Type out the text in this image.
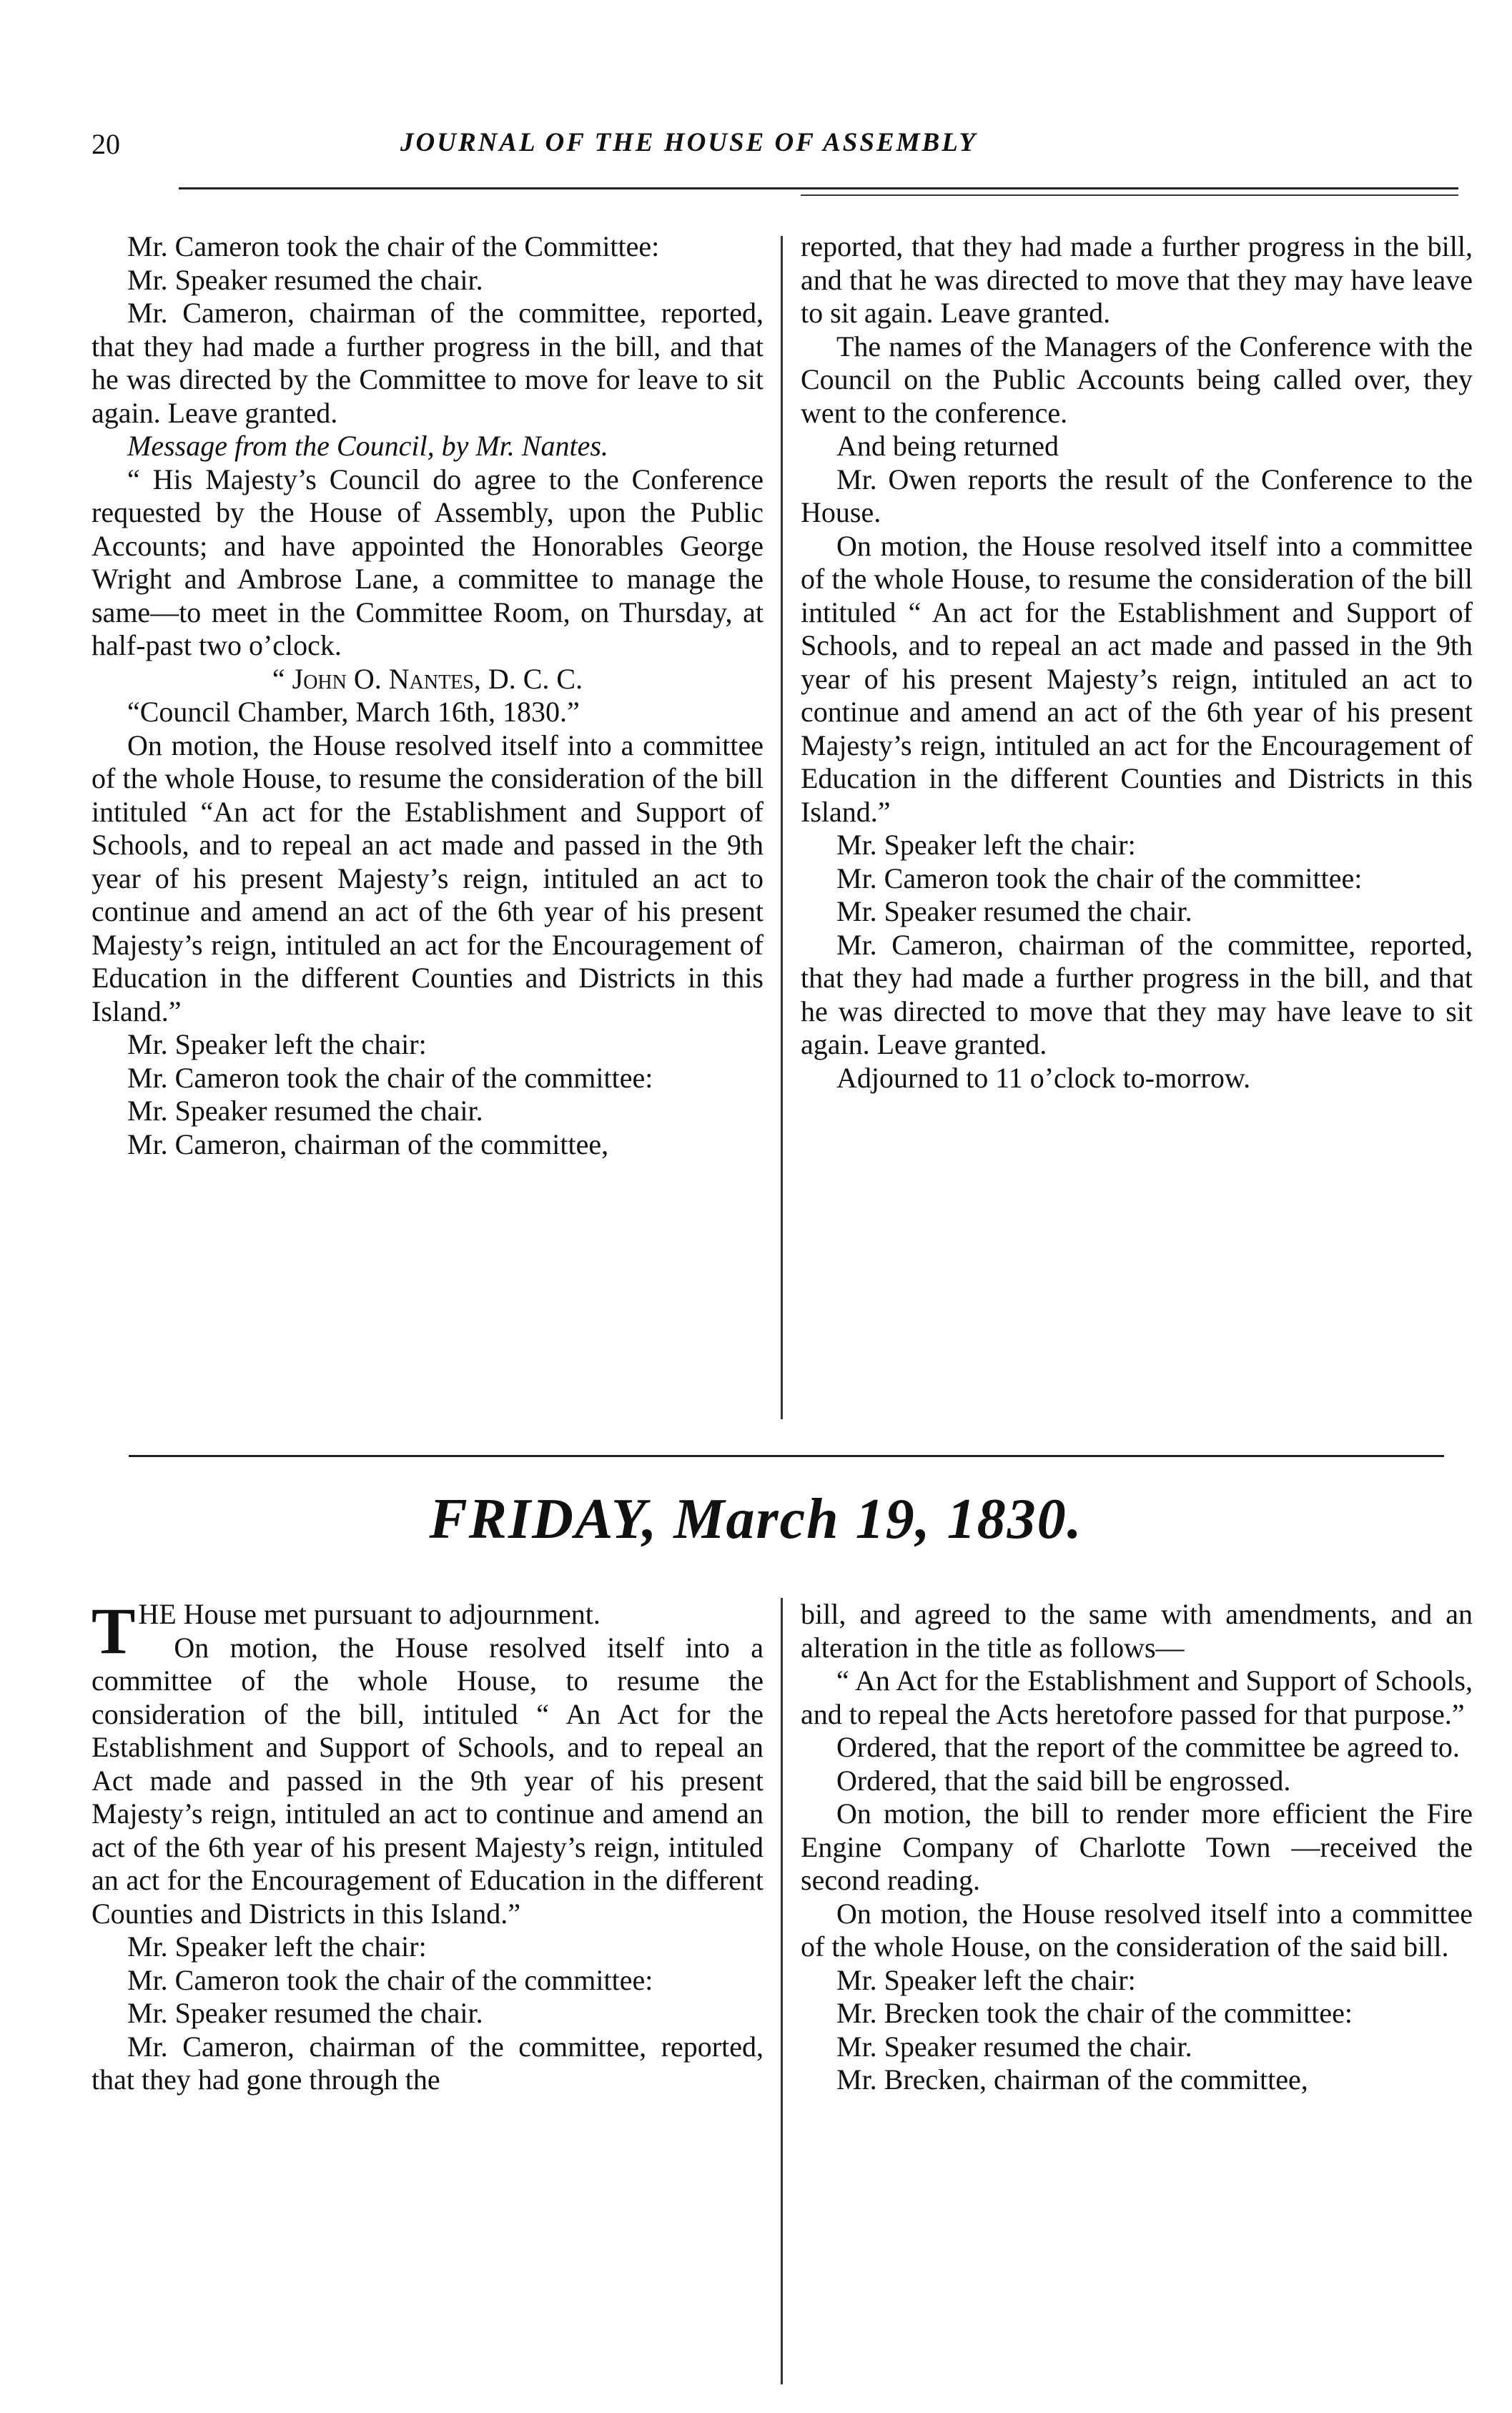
20	JOURNAL OF THE HOUSE OF ASSEMBLY

Mr. Cameron took the chair of the Committee:

Mr. Speaker resumed the chair.

Mr. Cameron, chairman of the committee, reported, that they had made a further progress in the bill, and that he was directed by the Committee to move for leave to sit again. Leave granted.

Message from the Council, by Mr. Nantes.

“ His Majesty’s Council do agree to the Conference requested by the House of Assembly, upon the Public Accounts; and have appointed the Honorables George Wright and Ambrose Lane, a committee to manage the same—to meet in the Committee Room, on Thursday, at half-past two o’clock.

“ John O. Nantes, D. C. C.

“Council Chamber, March 16th, 1830.”

On motion, the House resolved itself into a committee of the whole House, to resume the consideration of the bill intituled “An act for the Establishment and Support of Schools, and to repeal an act made and passed in the 9th year of his present Majesty’s reign, intituled an act to continue and amend an act of the 6th year of his present Majesty’s reign, intituled an act for the Encouragement of Education in the different Counties and Districts in this Island.”

Mr. Speaker left the chair:

Mr. Cameron took the chair of the committee:

Mr. Speaker resumed the chair.

Mr. Cameron, chairman of the committee,

reported, that they had made a further progress in the bill, and that he was directed to move that they may have leave to sit again. Leave granted.

The names of the Managers of the Conference with the Council on the Public Accounts being called over, they went to the conference.

And being returned

Mr. Owen reports the result of the Conference to the House.

On motion, the House resolved itself into a committee of the whole House, to resume the consideration of the bill intituled “ An act for the Establishment and Support of Schools, and to repeal an act made and passed in the 9th year of his present Majesty’s reign, intituled an act to continue and amend an act of the 6th year of his present Majesty’s reign, intituled an act for the Encouragement of Education in the different Counties and Districts in this Island.”

Mr. Speaker left the chair:

Mr. Cameron took the chair of the committee:

Mr. Speaker resumed the chair.

Mr. Cameron, chairman of the committee, reported, that they had made a further progress in the bill, and that he was directed to move that they may have leave to sit again. Leave granted.

Adjourned to 11 o’clock to-morrow.

FRIDAY, March 19, 1830.

THE House met pursuant to adjournment.

On motion, the House resolved itself into a committee of the whole House, to resume the consideration of the bill, intituled “ An Act for the Establishment and Support of Schools, and to repeal an Act made and passed in the 9th year of his present Majesty’s reign, intituled an act to continue and amend an act of the 6th year of his present Majesty’s reign, intituled an act for the Encouragement of Education in the different Counties and Districts in this Island.”

Mr. Speaker left the chair:

Mr. Cameron took the chair of the committee:

Mr. Speaker resumed the chair.

Mr. Cameron, chairman of the committee, reported, that they had gone through the

bill, and agreed to the same with amendments, and an alteration in the title as follows—

“ An Act for the Establishment and Support of Schools, and to repeal the Acts heretofore passed for that purpose.”

Ordered, that the report of the committee be agreed to.

Ordered, that the said bill be engrossed.

On motion, the bill to render more efficient the Fire Engine Company of Charlotte Town —received the second reading.

On motion, the House resolved itself into a committee of the whole House, on the consideration of the said bill.

Mr. Speaker left the chair:

Mr. Brecken took the chair of the committee:

Mr. Speaker resumed the chair.

Mr. Brecken, chairman of the committee,
